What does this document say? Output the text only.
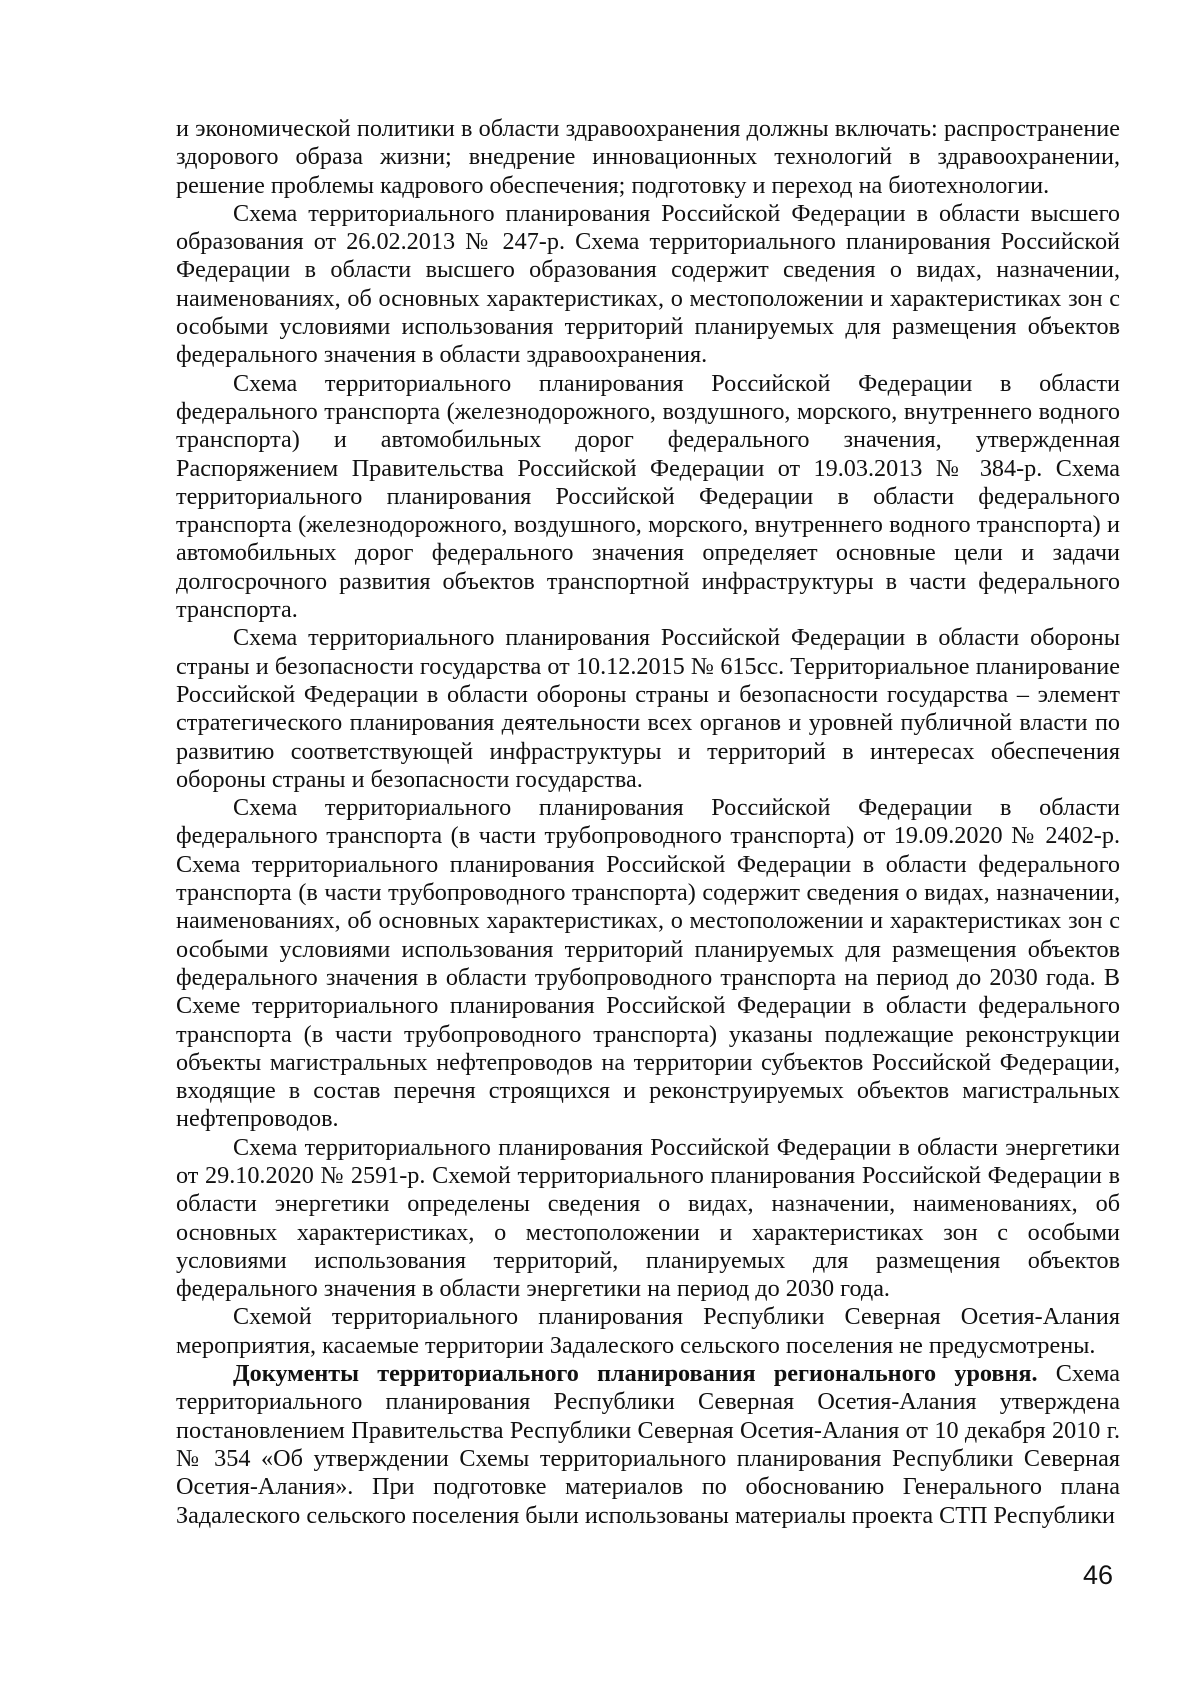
и экономической политики в области здравоохранения должны включать: распространение здорового образа жизни; внедрение инновационных технологий в здравоохранении, решение проблемы кадрового обеспечения; подготовку и переход на биотехнологии.

Схема территориального планирования Российской Федерации в области высшего образования от 26.02.2013 № 247-р. Схема территориального планирования Российской Федерации в области высшего образования содержит сведения о видах, назначении, наименованиях, об основных характеристиках, о местоположении и характеристиках зон с особыми условиями использования территорий планируемых для размещения объектов федерального значения в области здравоохранения.

Схема территориального планирования Российской Федерации в области федерального транспорта (железнодорожного, воздушного, морского, внутреннего водного транспорта) и автомобильных дорог федерального значения, утвержденная Распоряжением Правительства Российской Федерации от 19.03.2013 № 384-р. Схема территориального планирования Российской Федерации в области федерального транспорта (железнодорожного, воздушного, морского, внутреннего водного транспорта) и автомобильных дорог федерального значения определяет основные цели и задачи долгосрочного развития объектов транспортной инфраструктуры в части федерального транспорта.

Схема территориального планирования Российской Федерации в области обороны страны и безопасности государства от 10.12.2015 № 615сс. Территориальное планирование Российской Федерации в области обороны страны и безопасности государства – элемент стратегического планирования деятельности всех органов и уровней публичной власти по развитию соответствующей инфраструктуры и территорий в интересах обеспечения обороны страны и безопасности государства.

Схема территориального планирования Российской Федерации в области федерального транспорта (в части трубопроводного транспорта) от 19.09.2020 № 2402-р. Схема территориального планирования Российской Федерации в области федерального транспорта (в части трубопроводного транспорта) содержит сведения о видах, назначении, наименованиях, об основных характеристиках, о местоположении и характеристиках зон с особыми условиями использования территорий планируемых для размещения объектов федерального значения в области трубопроводного транспорта на период до 2030 года. В Схеме территориального планирования Российской Федерации в области федерального транспорта (в части трубопроводного транспорта) указаны подлежащие реконструкции объекты магистральных нефтепроводов на территории субъектов Российской Федерации, входящие в состав перечня строящихся и реконструируемых объектов магистральных нефтепроводов.

Схема территориального планирования Российской Федерации в области энергетики от 29.10.2020 № 2591-р. Схемой территориального планирования Российской Федерации в области энергетики определены сведения о видах, назначении, наименованиях, об основных характеристиках, о местоположении и характеристиках зон с особыми условиями использования территорий, планируемых для размещения объектов федерального значения в области энергетики на период до 2030 года.

Схемой территориального планирования Республики Северная Осетия-Алания мероприятия, касаемые территории Задалеского сельского поселения не предусмотрены.

Документы территориального планирования регионального уровня. Схема территориального планирования Республики Северная Осетия-Алания утверждена постановлением Правительства Республики Северная Осетия-Алания от 10 декабря 2010 г. № 354 «Об утверждении Схемы территориального планирования Республики Северная Осетия-Алания». При подготовке материалов по обоснованию Генерального плана Задалеского сельского поселения были использованы материалы проекта СТП Республики

46
